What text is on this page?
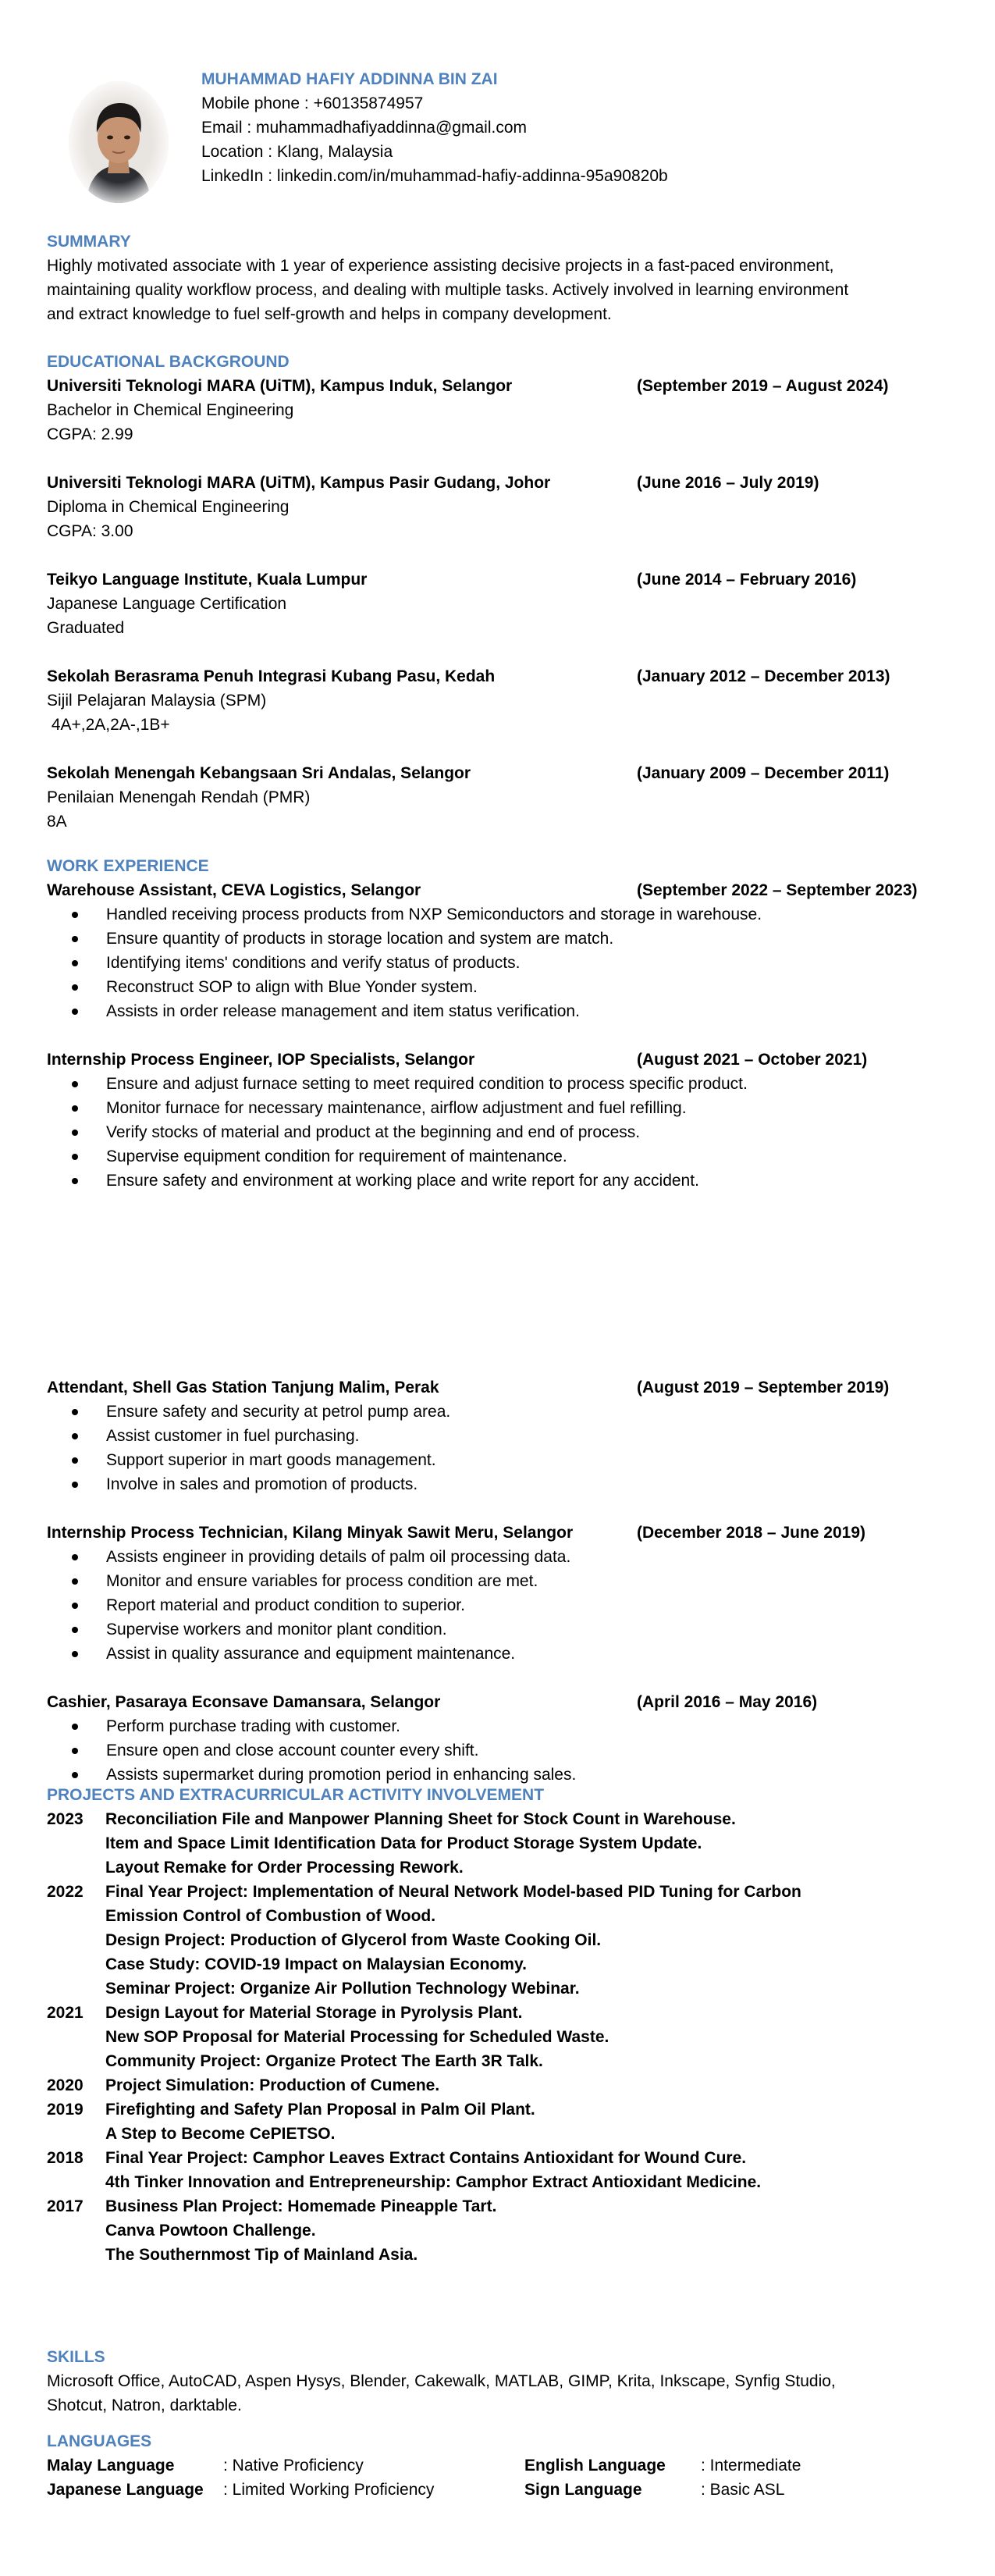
MUHAMMAD HAFIY ADDINNA BIN ZAI
Mobile phone : +60135874957
Email : muhammadhafiyaddinna@gmail.com
Location : Klang, Malaysia
LinkedIn : linkedin.com/in/muhammad-hafiy-addinna-95a90820b
SUMMARY
Highly motivated associate with 1 year of experience assisting decisive projects in a fast-paced environment,
maintaining quality workflow process, and dealing with multiple tasks. Actively involved in learning environment
and extract knowledge to fuel self-growth and helps in company development.
EDUCATIONAL BACKGROUND
Universiti Teknologi MARA (UiTM), Kampus Induk, Selangor	(September 2019 – August 2024)
Bachelor in Chemical Engineering
CGPA: 2.99
Universiti Teknologi MARA (UiTM), Kampus Pasir Gudang, Johor	(June 2016 – July 2019)
Diploma in Chemical Engineering
CGPA: 3.00
Teikyo Language Institute, Kuala Lumpur	(June 2014 – February 2016)
Japanese Language Certification
Graduated
Sekolah Berasrama Penuh Integrasi Kubang Pasu, Kedah	(January 2012 – December 2013)
Sijil Pelajaran Malaysia (SPM)
4A+,2A,2A-,1B+
Sekolah Menengah Kebangsaan Sri Andalas, Selangor	(January 2009 – December 2011)
Penilaian Menengah Rendah (PMR)
8A
WORK EXPERIENCE
Warehouse Assistant, CEVA Logistics, Selangor	(September 2022 – September 2023)
Handled receiving process products from NXP Semiconductors and storage in warehouse.
Ensure quantity of products in storage location and system are match.
Identifying items' conditions and verify status of products.
Reconstruct SOP to align with Blue Yonder system.
Assists in order release management and item status verification.
Internship Process Engineer, IOP Specialists, Selangor	(August 2021 – October 2021)
Ensure and adjust furnace setting to meet required condition to process specific product.
Monitor furnace for necessary maintenance, airflow adjustment and fuel refilling.
Verify stocks of material and product at the beginning and end of process.
Supervise equipment condition for requirement of maintenance.
Ensure safety and environment at working place and write report for any accident.
Attendant, Shell Gas Station Tanjung Malim, Perak	(August 2019 – September 2019)
Ensure safety and security at petrol pump area.
Assist customer in fuel purchasing.
Support superior in mart goods management.
Involve in sales and promotion of products.
Internship Process Technician, Kilang Minyak Sawit Meru, Selangor	(December 2018 – June 2019)
Assists engineer in providing details of palm oil processing data.
Monitor and ensure variables for process condition are met.
Report material and product condition to superior.
Supervise workers and monitor plant condition.
Assist in quality assurance and equipment maintenance.
Cashier, Pasaraya Econsave Damansara, Selangor	(April 2016 – May 2016)
Perform purchase trading with customer.
Ensure open and close account counter every shift.
Assists supermarket during promotion period in enhancing sales.
PROJECTS AND EXTRACURRICULAR ACTIVITY INVOLVEMENT
2023 Reconciliation File and Manpower Planning Sheet for Stock Count in Warehouse.
Item and Space Limit Identification Data for Product Storage System Update.
Layout Remake for Order Processing Rework.
2022 Final Year Project: Implementation of Neural Network Model-based PID Tuning for Carbon
Emission Control of Combustion of Wood.
Design Project: Production of Glycerol from Waste Cooking Oil.
Case Study: COVID-19 Impact on Malaysian Economy.
Seminar Project: Organize Air Pollution Technology Webinar.
2021 Design Layout for Material Storage in Pyrolysis Plant.
New SOP Proposal for Material Processing for Scheduled Waste.
Community Project: Organize Protect The Earth 3R Talk.
2020 Project Simulation: Production of Cumene.
2019 Firefighting and Safety Plan Proposal in Palm Oil Plant.
A Step to Become CePIETSO.
2018 Final Year Project: Camphor Leaves Extract Contains Antioxidant for Wound Cure.
4th Tinker Innovation and Entrepreneurship: Camphor Extract Antioxidant Medicine.
2017 Business Plan Project: Homemade Pineapple Tart.
Canva Powtoon Challenge.
The Southernmost Tip of Mainland Asia.
SKILLS
Microsoft Office, AutoCAD, Aspen Hysys, Blender, Cakewalk, MATLAB, GIMP, Krita, Inkscape, Synfig Studio,
Shotcut, Natron, darktable.
LANGUAGES
Malay Language	: Native Proficiency	English Language : Intermediate
Japanese Language : Limited Working Proficiency	Sign Language	: Basic ASL
